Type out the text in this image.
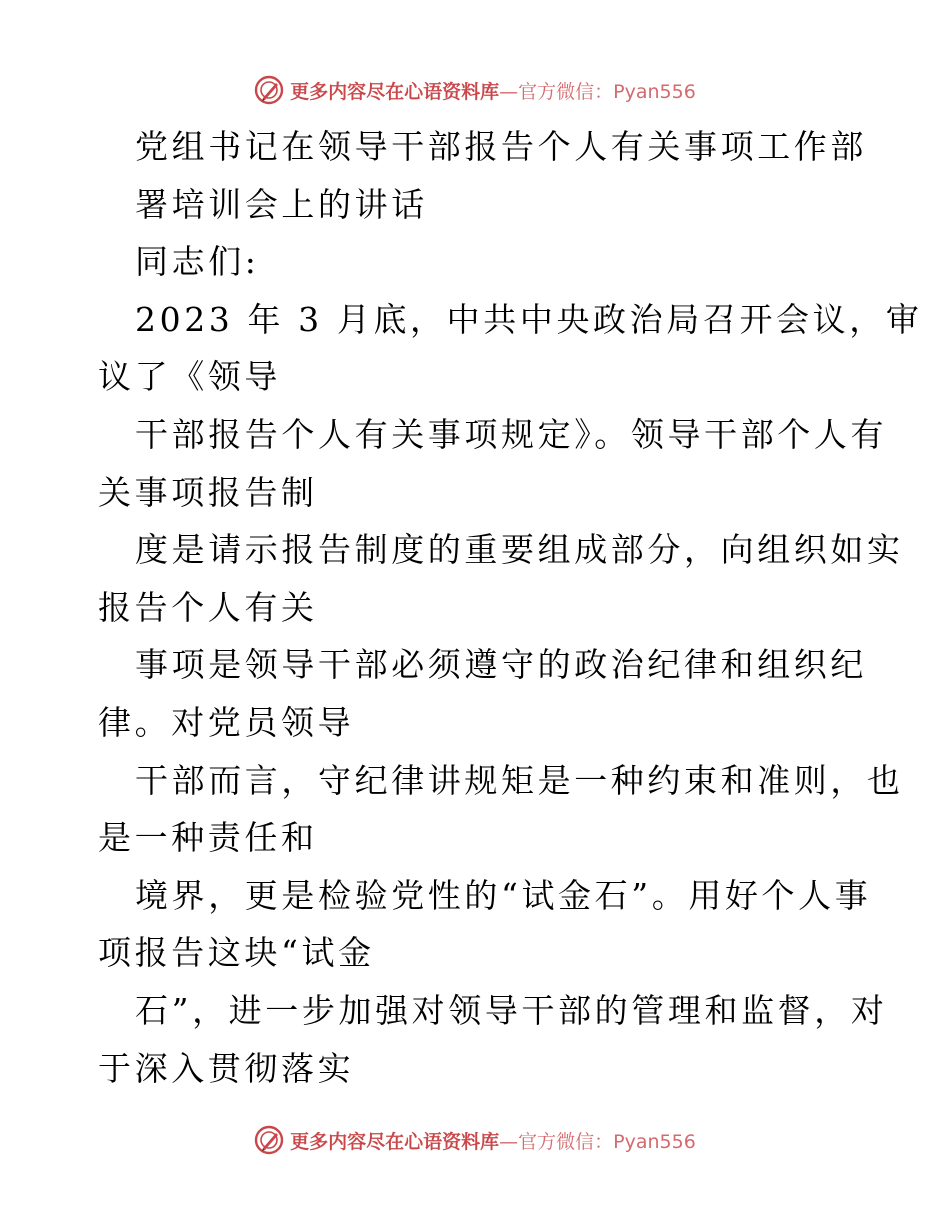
更多内容尽在心语资料库—官方微信：Pyan556
党组书记在领导干部报告个人有关事项工作部
署培训会上的讲话
同志们:
2023 年 3 月底，中共中央政治局召开会议，审
议了《领导
干部报告个人有关事项规定》。领导干部个人有
关事项报告制
度是请示报告制度的重要组成部分，向组织如实
报告个人有关
事项是领导干部必须遵守的政治纪律和组织纪
律。对党员领导
干部而言，守纪律讲规矩是一种约束和准则，也
是一种责任和
境界，更是检验党性的“试金石”。用好个人事
项报告这块“试金
石”，进一步加强对领导干部的管理和监督，对
于深入贯彻落实
更多内容尽在心语资料库—官方微信：Pyan556
